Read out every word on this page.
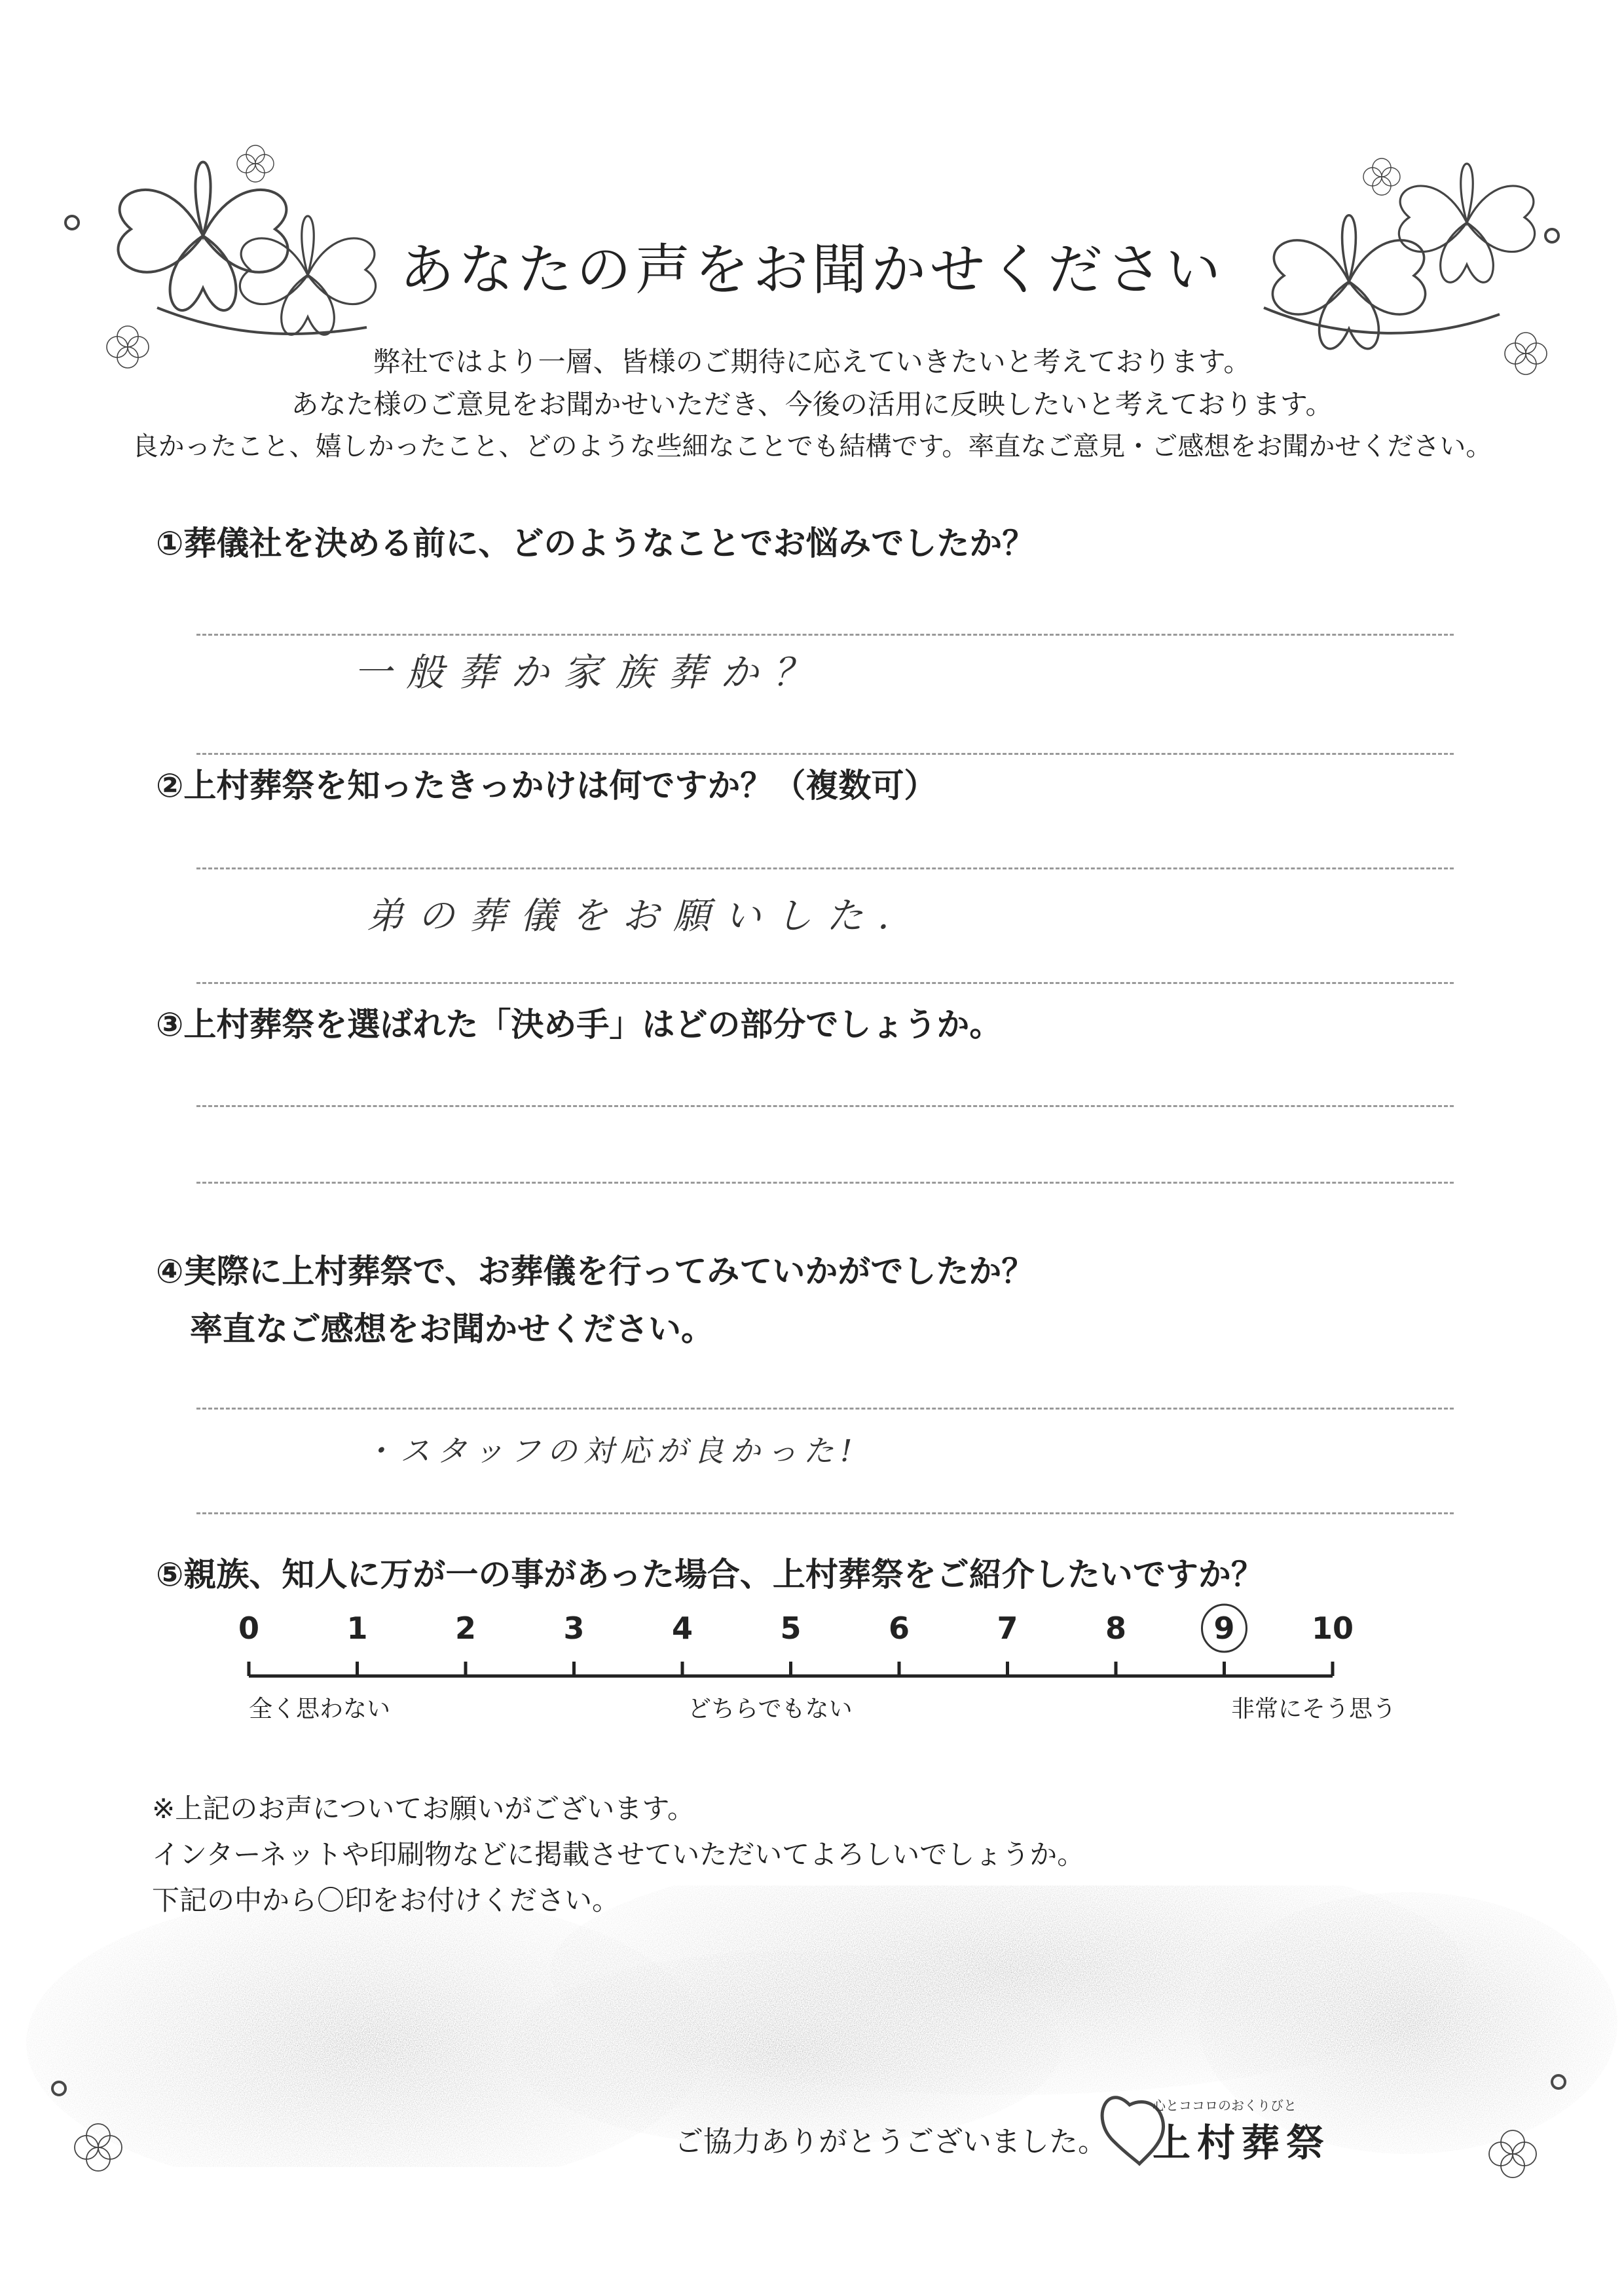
あなたの声をお聞かせください
弊社ではより一層、皆様のご期待に応えていきたいと考えております。
あなた様のご意見をお聞かせいただき、今後の活用に反映したいと考えております。
良かったこと、嬉しかったこと、どのような些細なことでも結構です。率直なご意見・ご感想をお聞かせください。
①葬儀社を決める前に、どのようなことでお悩みでしたか？
一般葬か家族葬か？
②上村葬祭を知ったきっかけは何ですか？（複数可）
弟の葬儀をお願いした.
③上村葬祭を選ばれた「決め手」はどの部分でしょうか。
④実際に上村葬祭で、お葬儀を行ってみていかがでしたか？
率直なご感想をお聞かせください。
・スタッフの対応が良かった!
⑤親族、知人に万が一の事があった場合、上村葬祭をご紹介したいですか？
0	1	2	3	4	5	6	7	8	9	10
全く思わない	どちらでもない	非常にそう思う
※上記のお声についてお願いがございます。
インターネットや印刷物などに掲載させていただいてよろしいでしょうか。
下記の中から〇印をお付けください。
ご協力ありがとうございました。
心とココロのおくりびと
上村葬祭
